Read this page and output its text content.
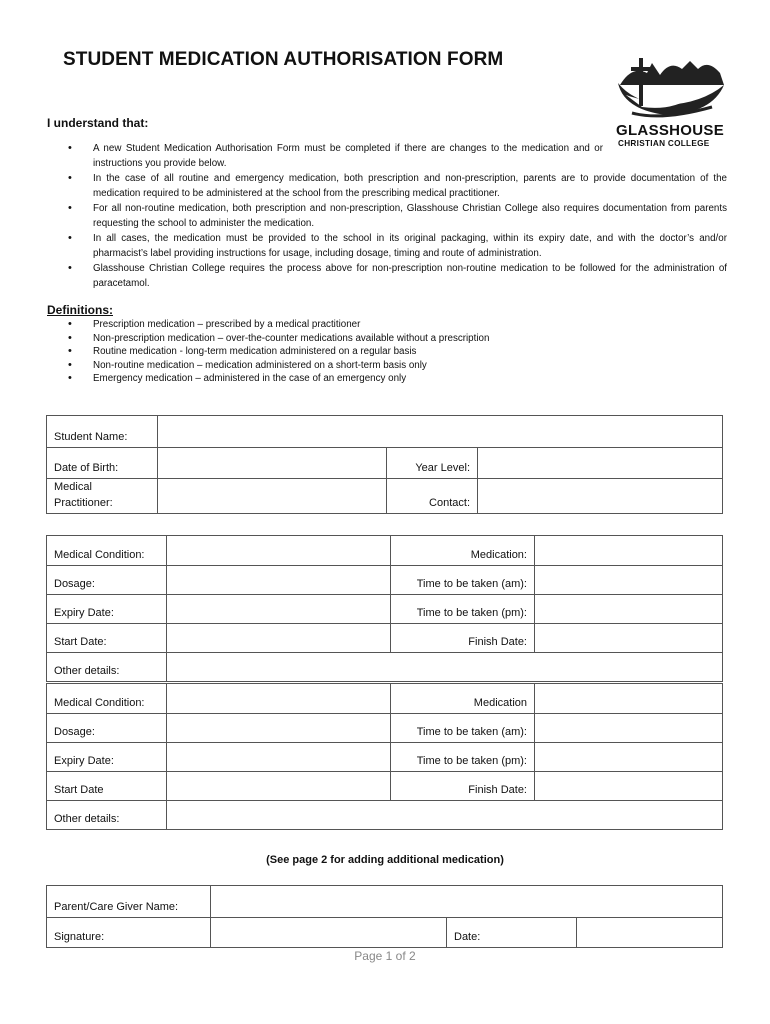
STUDENT MEDICATION AUTHORISATION FORM
GLASSHOUSE
CHRISTIAN COLLEGE
I understand that:
• A new Student Medication Authorisation Form must be completed if there are changes to the medication and or instructions you provide below.
• In the case of all routine and emergency medication, both prescription and non-prescription, parents are to provide documentation of the medication required to be administered at the school from the prescribing medical practitioner.
• For all non-routine medication, both prescription and non-prescription, Glasshouse Christian College also requires documentation from parents requesting the school to administer the medication.
• In all cases, the medication must be provided to the school in its original packaging, within its expiry date, and with the doctor’s and/or pharmacist’s label providing instructions for usage, including dosage, timing and route of administration.
• Glasshouse Christian College requires the process above for non-prescription non-routine medication to be followed for the administration of paracetamol.
Definitions:
• Prescription medication – prescribed by a medical practitioner
• Non-prescription medication – over-the-counter medications available without a prescription
• Routine medication - long-term medication administered on a regular basis
• Non-routine medication – medication administered on a short-term basis only
• Emergency medication – administered in the case of an emergency only
Student Name:			
Date of Birth:		Year Level:	
Medical
Practitioner:		Contact:	
Medical Condition:		Medication:	
Dosage:		Time to be taken (am):	
Expiry Date:		Time to be taken (pm):	
Start Date:		Finish Date:	
Other details:			
Medical Condition:		Medication	
Dosage:		Time to be taken (am):	
Expiry Date:		Time to be taken (pm):	
Start Date		Finish Date:	
Other details:			
(See page 2 for adding additional medication)
Parent/Care Giver Name:			
Signature:		Date:	
Page 1 of 2
